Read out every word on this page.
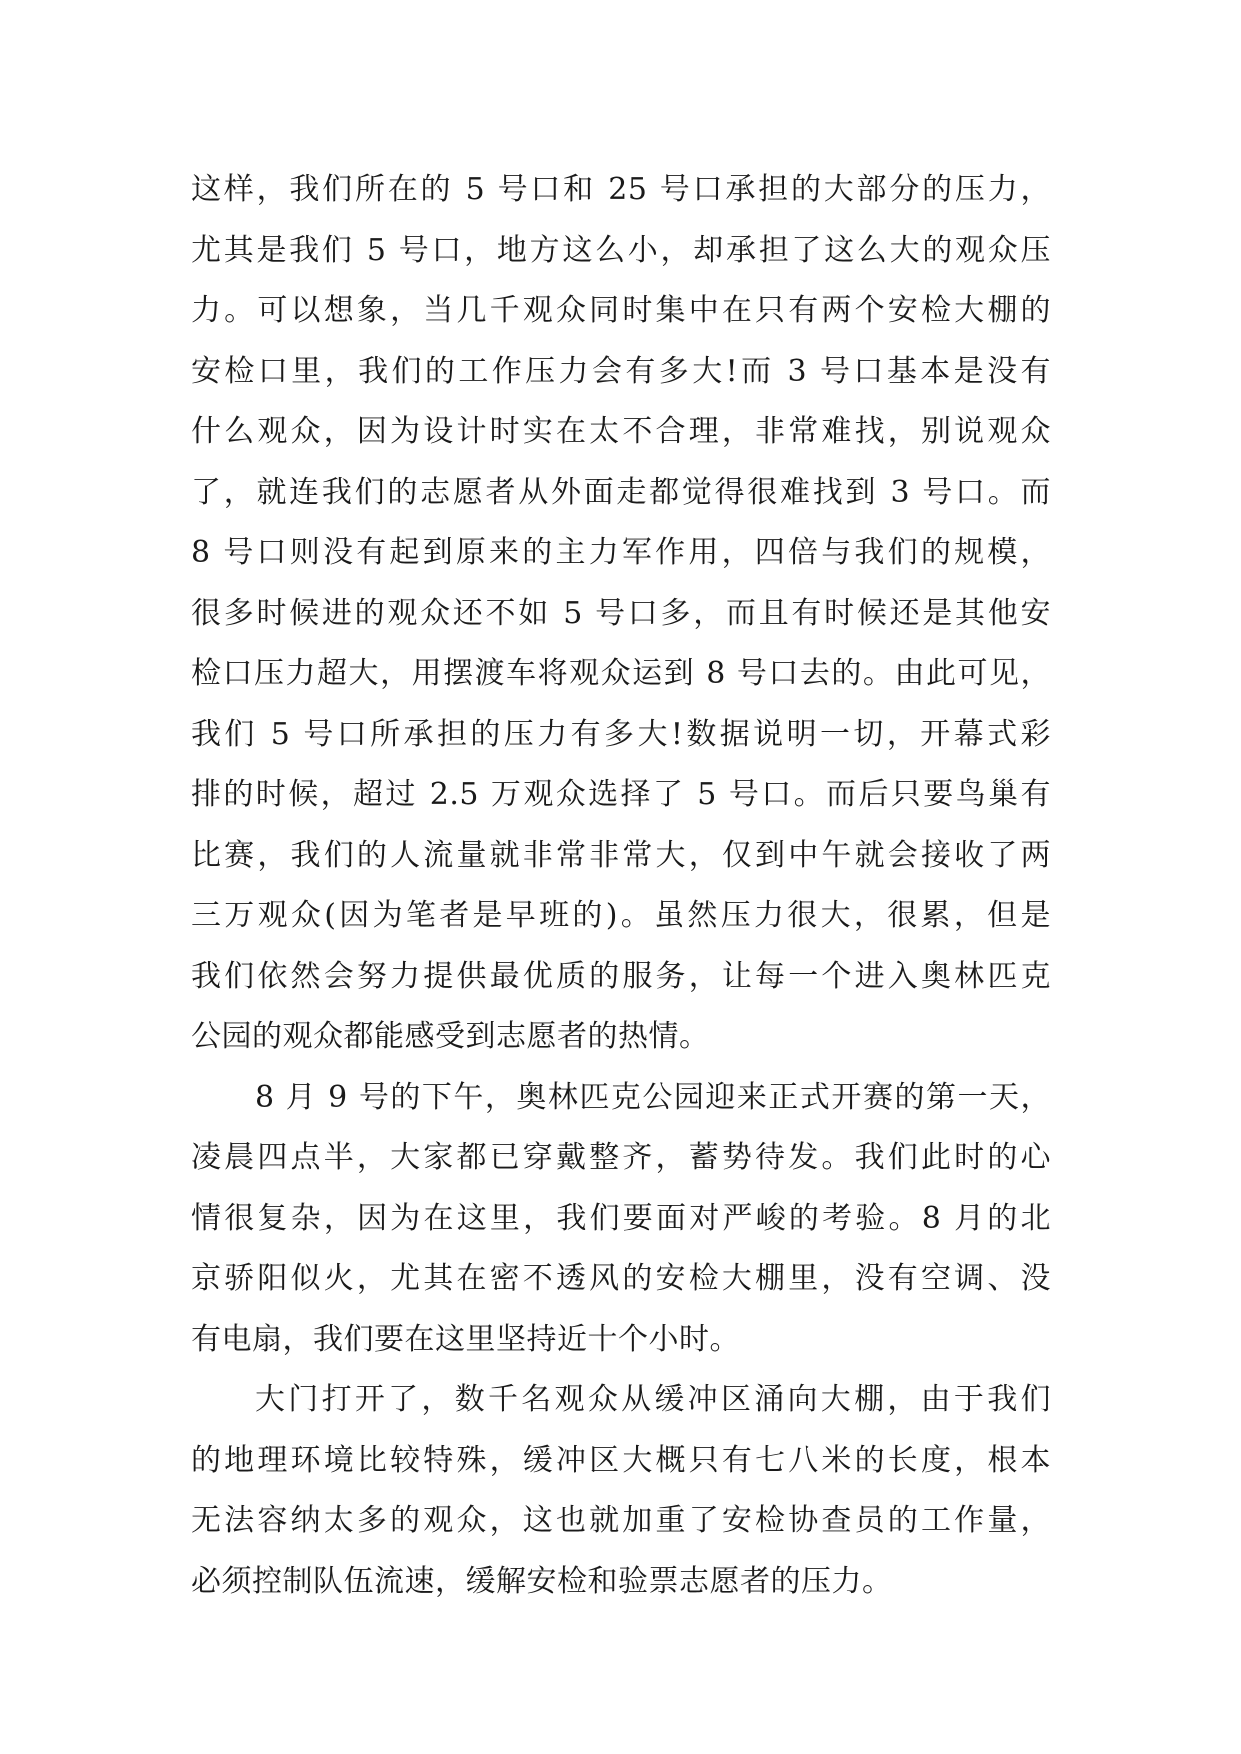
这样，我们所在的 5 号口和 25 号口承担的大部分的压力，
尤其是我们 5 号口，地方这么小，却承担了这么大的观众压
力。可以想象，当几千观众同时集中在只有两个安检大棚的
安检口里，我们的工作压力会有多大!而 3 号口基本是没有
什么观众，因为设计时实在太不合理，非常难找，别说观众
了，就连我们的志愿者从外面走都觉得很难找到 3 号口。而
8 号口则没有起到原来的主力军作用，四倍与我们的规模，
很多时候进的观众还不如 5 号口多，而且有时候还是其他安
检口压力超大，用摆渡车将观众运到 8 号口去的。由此可见，
我们 5 号口所承担的压力有多大!数据说明一切，开幕式彩
排的时候，超过 2.5 万观众选择了 5 号口。而后只要鸟巢有
比赛，我们的人流量就非常非常大，仅到中午就会接收了两
三万观众(因为笔者是早班的)。虽然压力很大，很累，但是
我们依然会努力提供最优质的服务，让每一个进入奥林匹克
公园的观众都能感受到志愿者的热情。
8 月 9 号的下午，奥林匹克公园迎来正式开赛的第一天，
凌晨四点半，大家都已穿戴整齐，蓄势待发。我们此时的心
情很复杂，因为在这里，我们要面对严峻的考验。8 月的北
京骄阳似火，尤其在密不透风的安检大棚里，没有空调、没
有电扇，我们要在这里坚持近十个小时。
大门打开了，数千名观众从缓冲区涌向大棚，由于我们
的地理环境比较特殊，缓冲区大概只有七八米的长度，根本
无法容纳太多的观众，这也就加重了安检协查员的工作量，
必须控制队伍流速，缓解安检和验票志愿者的压力。
